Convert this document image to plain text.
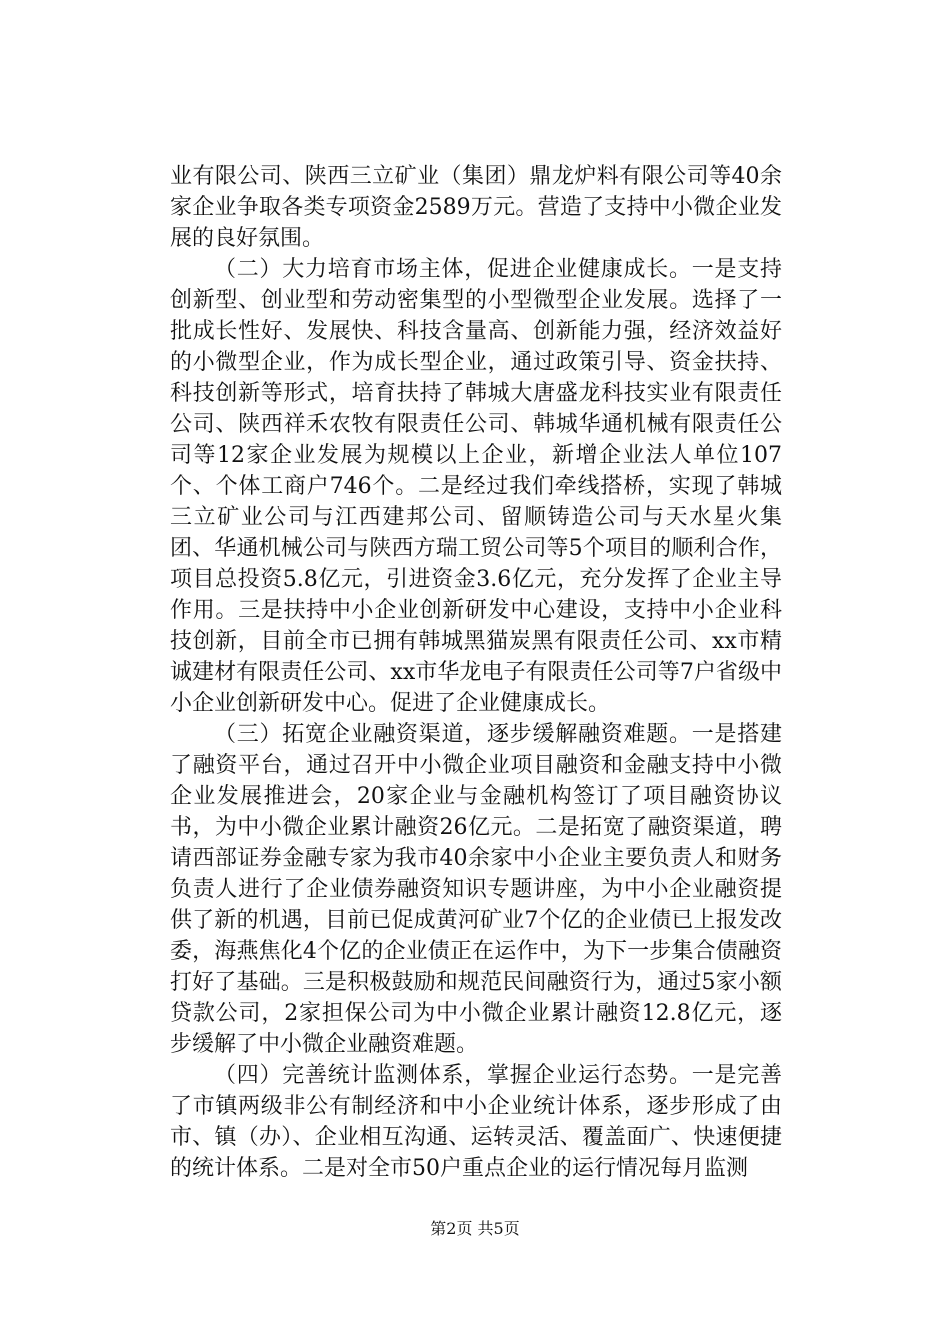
业有限公司、陕西三立矿业（集团）鼎龙炉料有限公司等40余家企业争取各类专项资金2589万元。营造了支持中小微企业发展的良好氛围。

（二）大力培育市场主体，促进企业健康成长。一是支持创新型、创业型和劳动密集型的小型微型企业发展。选择了一批成长性好、发展快、科技含量高、创新能力强，经济效益好的小微型企业，作为成长型企业，通过政策引导、资金扶持、科技创新等形式，培育扶持了韩城大唐盛龙科技实业有限责任公司、陕西祥禾农牧有限责任公司、韩城华通机械有限责任公司等12家企业发展为规模以上企业，新增企业法人单位107个、个体工商户746个。二是经过我们牵线搭桥，实现了韩城三立矿业公司与江西建邦公司、留顺铸造公司与天水星火集团、华通机械公司与陕西方瑞工贸公司等5个项目的顺利合作，项目总投资5.8亿元，引进资金3.6亿元，充分发挥了企业主导作用。三是扶持中小企业创新研发中心建设，支持中小企业科技创新，目前全市已拥有韩城黑猫炭黑有限责任公司、xx市精诚建材有限责任公司、xx市华龙电子有限责任公司等7户省级中小企业创新研发中心。促进了企业健康成长。

（三）拓宽企业融资渠道，逐步缓解融资难题。一是搭建了融资平台，通过召开中小微企业项目融资和金融支持中小微企业发展推进会，20家企业与金融机构签订了项目融资协议书，为中小微企业累计融资26亿元。二是拓宽了融资渠道，聘请西部证券金融专家为我市40余家中小企业主要负责人和财务负责人进行了企业债券融资知识专题讲座，为中小企业融资提供了新的机遇，目前已促成黄河矿业7个亿的企业债已上报发改委，海燕焦化4个亿的企业债正在运作中，为下一步集合债融资打好了基础。三是积极鼓励和规范民间融资行为，通过5家小额贷款公司，2家担保公司为中小微企业累计融资12.8亿元，逐步缓解了中小微企业融资难题。

（四）完善统计监测体系，掌握企业运行态势。一是完善了市镇两级非公有制经济和中小企业统计体系，逐步形成了由市、镇（办）、企业相互沟通、运转灵活、覆盖面广、快速便捷的统计体系。二是对全市50户重点企业的运行情况每月监测

第2页 共5页
